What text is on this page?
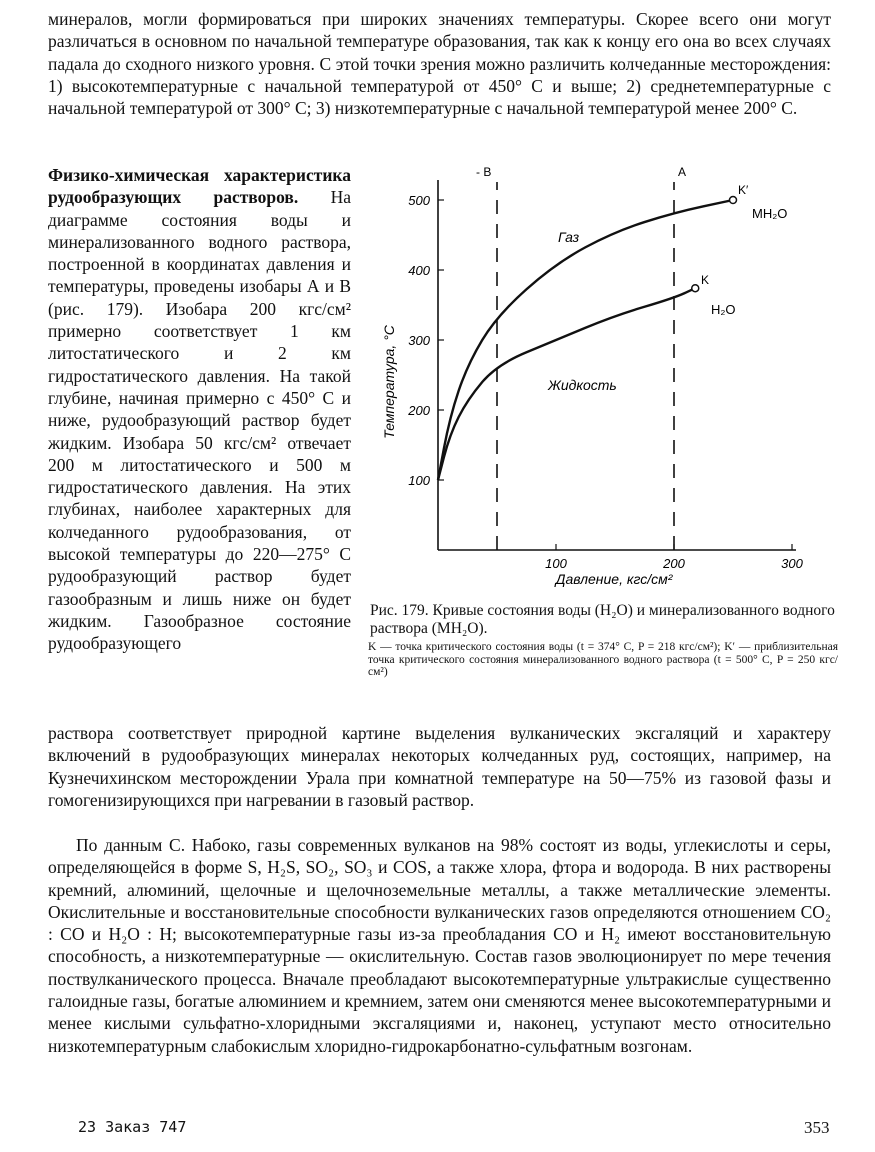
минералов, могли формироваться при широких значениях температуры. Скорее всего они могут различаться в основном по начальной температуре образования, так как к концу его она во всех случаях падала до сходного низкого уровня. С этой точки зрения можно различить колчеданные месторождения: 1) высокотемпературные с начальной температурой от 450° С и выше; 2) среднетемпературные с начальной температурой от 300° С; 3) низкотемпературные с начальной температурой менее 200° С.

Физико-химическая характеристика рудообразующих растворов. На диаграмме состояния воды и минерализованного водного раствора, построенной в координатах давления и температуры, проведены изобары А и В (рис. 179). Изобара 200 кгс/см² примерно соответствует 1 км литостатического и 2 км гидростатического давления. На такой глубине, начиная примерно с 450° С и ниже, рудообразующий раствор будет жидким. Изобара 50 кгс/см² отвечает 200 м литостатического и 500 м гидростатического давления. На этих глубинах, наиболее характерных для колчеданного рудообразования, от высокой температуры до 220—275° С рудообразующий раствор будет газообразным и лишь ниже он будет жидким. Газообразное состояние рудообразующего

100	200	300
100
200
300
400
500
Температура, °С
Давление, кгс/см²
Газ
Жидкость
K
K′
H₂O
MH₂O
A
- B

Рис. 179. Кривые состояния воды (H₂O) и минерализованного водного раствора (MH₂O).

K — точка критического состояния воды (t = 374° С, P = 218 кгс/см²); K′ — приблизительная точка критического состояния минерализованного водного раствора (t = 500° С, P = 250 кгс/см²)

раствора соответствует природной картине выделения вулканических эксгаляций и характеру включений в рудообразующих минералах некоторых колчеданных руд, состоящих, например, на Кузнечихинском месторождении Урала при комнатной температуре на 50—75% из газовой фазы и гомогенизирующихся при нагревании в газовый раствор.

По данным С. Набоко, газы современных вулканов на 98% состоят из воды, углекислоты и серы, определяющейся в форме S, H₂S, SO₂, SO₃ и COS, а также хлора, фтора и водорода. В них растворены кремний, алюминий, щелочные и щелочноземельные металлы, а также металлические элементы. Окислительные и восстановительные способности вулканических газов определяются отношением CO₂ : CO и H₂O : H; высокотемпературные газы из-за преобладания CO и H₂ имеют восстановительную способность, а низкотемпературные — окислительную. Состав газов эволюционирует по мере течения поствулканического процесса. Вначале преобладают высокотемпературные ультракислые существенно галоидные газы, богатые алюминием и кремнием, затем они сменяются менее высокотемпературными и менее кислыми сульфатно-хлоридными эксгаляциями и, наконец, уступают место относительно низкотемпературным слабокислым хлоридно-гидрокарбонатно-сульфатным возгонам.

23 Заказ 747	353
